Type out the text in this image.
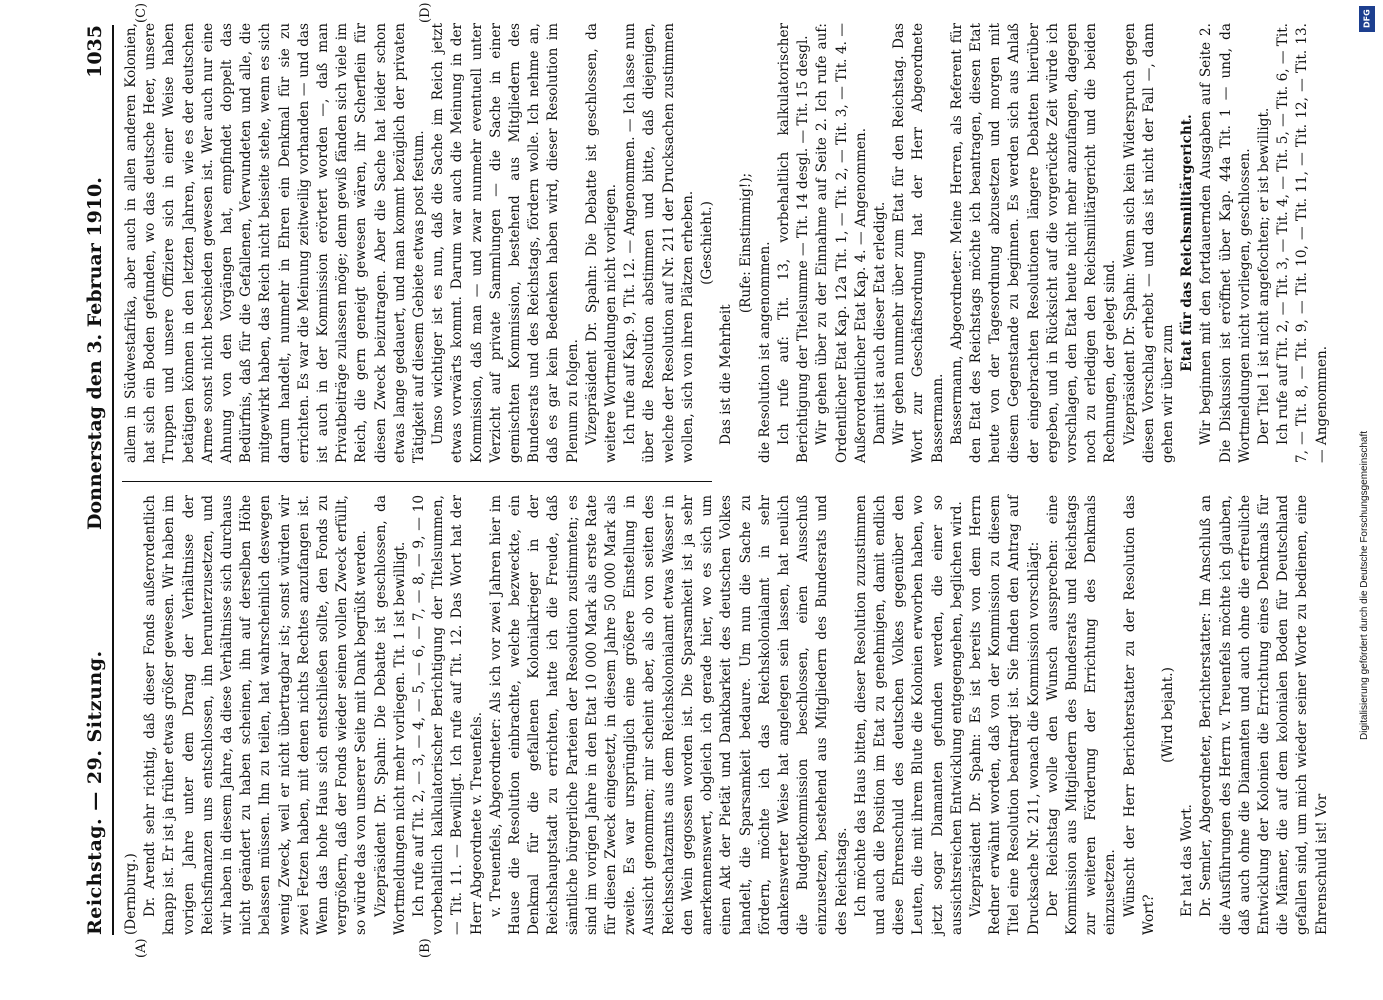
DFG
Digitalisierung gefördert durch die Deutsche Forschungsgemeinschaft
Reichstag. — 29. Sitzung.
Donnerstag den 3. Februar 1910.               1035
(A)	(B)
(C)	(D)

(Dernburg.) Dr. Arendt sehr richtig, daß dieser Fonds außerordentlich knapp ist. Er ist ja früher etwas größer gewesen. Wir haben im vorigen Jahre unter dem Drang der Verhältnisse der Reichsfinanzen uns entschlossen, ihn herunterzusetzen, und wir haben in diesem Jahre, da diese Verhältnisse sich durchaus nicht geändert zu haben scheinen, ihn auf derselben Höhe belassen müssen. Ihn zu teilen, hat wahrscheinlich deswegen wenig Zweck, weil er nicht übertragbar ist; sonst würden wir zwei Fetzen haben, mit denen nichts Rechtes anzufangen ist. Wenn das hohe Haus sich entschließen sollte, den Fonds zu vergrößern, daß der Fonds wieder seinen vollen Zweck erfüllt, so würde das von unserer Seite mit Dank begrüßt werden. Vizepräsident Dr. Spahn: Die Debatte ist geschlossen, da Wortmeldungen nicht mehr vorliegen. Tit. 1 ist bewilligt. Ich rufe auf Tit. 2, — 3, — 4, — 5, — 6, — 7, — 8, — 9, — 10 vorbehaltlich kalkulatorischer Berichtigung der Titelsummen, — Tit. 11. — Bewilligt. Ich rufe auf Tit. 12. Das Wort hat der Herr Abgeordnete v. Treuenfels. v. Treuenfels, Abgeordneter: Als ich vor zwei Jahren hier im Hause die Resolution einbrachte, welche bezweckte, ein Denkmal für die gefallenen Kolonialkrieger in der Reichshauptstadt zu errichten, hatte ich die Freude, daß sämtliche bürgerliche Parteien der Resolution zustimmten; es sind im vorigen Jahre in den Etat 10 000 Mark als erste Rate für diesen Zweck eingesetzt, in diesem Jahre 50 000 Mark als zweite. Es war ursprünglich eine größere Einstellung in Aussicht genommen; mir scheint aber, als ob von seiten des Reichsschatzamts aus dem Reichskolonialamt etwas Wasser in den Wein gegossen worden ist. Die Sparsamkeit ist ja sehr anerkennenswert, obgleich ich gerade hier, wo es sich um einen Akt der Pietät und Dankbarkeit des deutschen Volkes handelt, die Sparsamkeit bedaure. Um nun die Sache zu fördern, möchte ich das Reichskolonialamt in sehr dankenswerter Weise hat angelegen sein lassen, hat neulich die Budgetkommission beschlossen, einen Ausschuß einzusetzen, bestehend aus Mitgliedern des Bundesrats und des Reichstags. Ich möchte das Haus bitten, dieser Resolution zuzustimmen und auch die Position im Etat zu genehmigen, damit endlich diese Ehrenschuld des deutschen Volkes gegenüber den Leuten, die mit ihrem Blute die Kolonien erworben haben, wo jetzt sogar Diamanten gefunden werden, die einer so aussichtsreichen Entwicklung entgegengehen, beglichen wird. Vizepräsident Dr. Spahn: Es ist bereits von dem Herrn Redner erwähnt worden, daß von der Kommission zu diesem Titel eine Resolution beantragt ist. Sie finden den Antrag auf Drucksache Nr. 211, wonach die Kommission vorschlägt: Der Reichstag wolle den Wunsch aussprechen: eine Kommission aus Mitgliedern des Bundesrats und Reichstags zur weiteren Förderung der Errichtung des Denkmals einzusetzen. Wünscht der Herr Berichterstatter zu der Resolution das Wort?

(Wird bejaht.)

Er hat das Wort. Dr. Semler, Abgeordneter, Berichterstatter: Im Anschluß an die Ausführungen des Herrn v. Treuenfels möchte ich glauben, daß auch ohne die Diamanten und auch ohne die erfreuliche Entwicklung der Kolonien die Errichtung eines Denkmals für die Männer, die auf dem kolonialen Boden für Deutschland gefallen sind, um mich wieder seiner Worte zu bedienen, eine Ehrenschuld ist! Vor

allem in Südwestafrika, aber auch in allen anderen Kolonien, hat sich ein Boden gefunden, wo das deutsche Heer, unsere Truppen und unsere Offiziere sich in einer Weise haben betätigen können in den letzten Jahren, wie es der deutschen Armee sonst nicht beschieden gewesen ist. Wer auch nur eine Ahnung von den Vorgängen hat, empfindet doppelt das Bedürfnis, daß für die Gefallenen, Verwundeten und alle, die mitgewirkt haben, das Reich nicht beiseite stehe, wenn es sich darum handelt, nunmehr in Ehren ein Denkmal für sie zu errichten. Es war die Meinung zeitweilig vorhanden — und das ist auch in der Kommission erörtert worden —, daß man Privatbeiträge zulassen möge; denn gewiß fänden sich viele im Reich, die gern geneigt gewesen wären, ihr Scherflein für diesen Zweck beizutragen. Aber die Sache hat leider schon etwas lange gedauert, und man kommt bezüglich der privaten Tätigkeit auf diesem Gebiete etwas post festum. Umso wichtiger ist es nun, daß die Sache im Reich jetzt etwas vorwärts kommt. Darum war auch die Meinung in der Kommission, daß man — und zwar nunmehr eventuell unter Verzicht auf private Sammlungen — die Sache in einer gemischten Kommission, bestehend aus Mitgliedern des Bundesrats und des Reichstags, fördern wolle. Ich nehme an, daß es gar kein Bedenken haben wird, dieser Resolution im Plenum zu folgen. Vizepräsident Dr. Spahn: Die Debatte ist geschlossen, da weitere Wortmeldungen nicht vorliegen. Ich rufe auf Kap. 9, Tit. 12. — Angenommen. — Ich lasse nun über die Resolution abstimmen und bitte, daß diejenigen, welche der Resolution auf Nr. 211 der Drucksachen zustimmen wollen, sich von ihren Plätzen erheben. (Geschieht.)

Das ist die Mehrheit

(Rufe: Einstimmig!); die Resolution ist angenommen. Ich rufe auf: Tit. 13, vorbehaltlich kalkulatorischer Berichtigung der Titelsumme — Tit. 14 desgl. — Tit. 15 desgl. Wir gehen über zu der Einnahme auf Seite 2. Ich rufe auf: Ordentlicher Etat Kap. 12a Tit. 1, — Tit. 2, — Tit. 3, — Tit. 4. — Außerordentlicher Etat Kap. 4. — Angenommen. Damit ist auch dieser Etat erledigt. Wir gehen nunmehr über zum Etat für den Reichstag. Das Wort zur Geschäftsordnung hat der Herr Abgeordnete Bassermann. Bassermann, Abgeordneter: Meine Herren, als Referent für den Etat des Reichstags möchte ich beantragen, diesen Etat heute von der Tagesordnung abzusetzen und morgen mit diesem Gegenstande zu beginnen. Es werden sich aus Anlaß der eingebrachten Resolutionen längere Debatten hierüber ergeben, und in Rücksicht auf die vorgerückte Zeit würde ich vorschlagen, den Etat heute nicht mehr anzufangen, dagegen noch zu erledigen den Reichsmilitärgericht und die beiden Rechnungen, der gelegt sind. Vizepräsident Dr. Spahn: Wenn sich kein Widerspruch gegen diesen Vorschlag erhebt — und das ist nicht der Fall —, dann gehen wir über zum

Etat für das Reichsmilitärgericht. Wir beginnen mit den fortdauernden Ausgaben auf Seite 2. Die Diskussion ist eröffnet über Kap. 44a Tit. 1 — und, da Wortmeldungen nicht vorliegen, geschlossen. Der Titel 1 ist nicht angefochten; er ist bewilligt. Ich rufe auf Tit. 2, — Tit. 3, — Tit. 4, — Tit. 5, — Tit. 6, — Tit. 7, — Tit. 8, — Tit. 9, — Tit. 10, — Tit. 11, — Tit. 12, — Tit. 13. — Angenommen.
